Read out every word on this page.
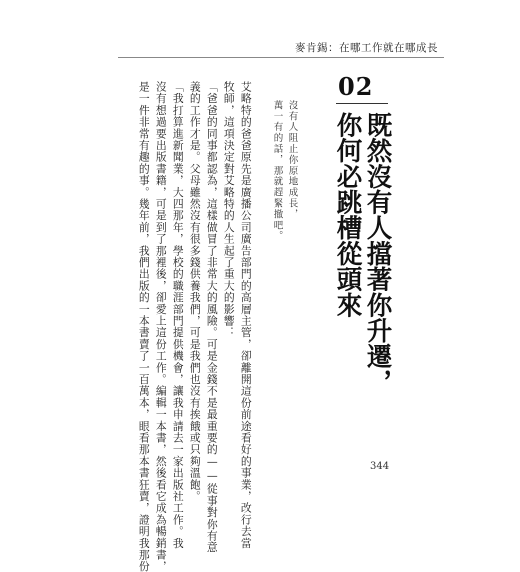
麥肯錫：在哪工作就在哪成長
02
既然沒有人擋著你升遷，
你何必跳槽從頭來
沒有人阻止你原地成長，
萬一有的話，那就趕緊撤吧。
艾略特的爸爸原先是廣播公司廣告部門的高層主管，卻離開這份前途看好的事業，改行去當
牧師，這項決定對艾略特的人生起了重大的影響：
「爸爸的同事都認為，這樣做冒了非常大的風險。可是金錢不是最重要的——從事對你有意
義的工作才是。父母雖然沒有很多錢供養我們，可是我們也沒有挨餓或只夠溫飽。
「我打算進新聞業，大四那年，學校的職涯部門提供機會，讓我申請去一家出版社工作。我
沒有想過要出版書籍，可是到了那裡後，卻愛上這份工作。編輯一本書，然後看它成為暢銷書，
是一件非常有趣的事。幾年前，我們出版的一本書賣了一百萬本，眼看那本書狂賣，證明我那份	344
